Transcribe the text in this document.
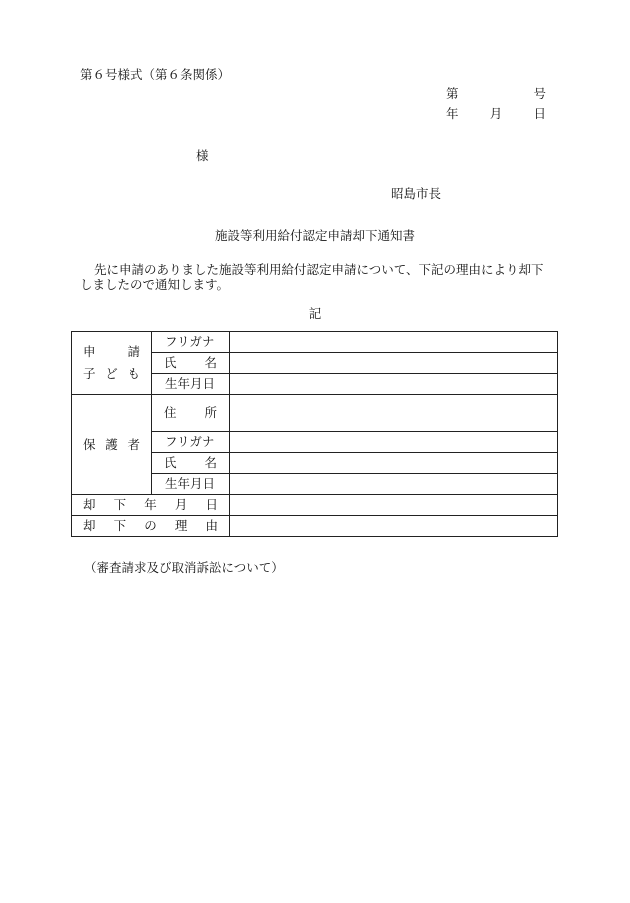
第６号様式（第６条関係）
第	号
年 月 日
様
昭島市長
施設等利用給付認定申請却下通知書
先に申請のありました施設等利用給付認定申請について、下記の理由により却下しましたので通知します。
記
申 請
子 ど も	フリガナ	

	氏 名	

	生年月日	

保 護 者	住 所	

	フリガナ	

	氏 名	

	生年月日	

却 下 年 月 日		

却 下 の 理 由		

（審査請求及び取消訴訟について）
